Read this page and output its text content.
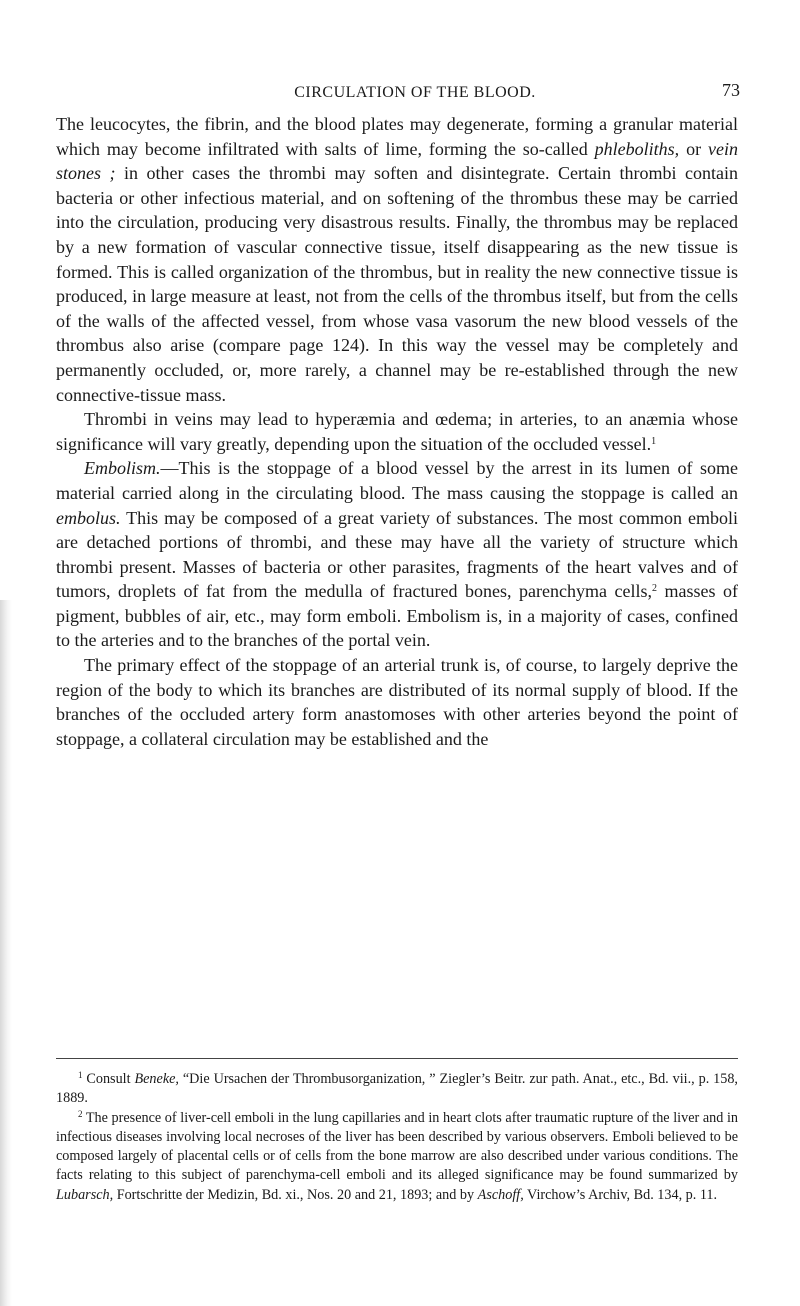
CIRCULATION OF THE BLOOD.	73

The leucocytes, the fibrin, and the blood plates may degenerate, forming a granular material which may become infiltrated with salts of lime, forming the so-called phleboliths, or vein stones ; in other cases the thrombi may soften and disintegrate. Certain thrombi contain bacteria or other infectious material, and on softening of the thrombus these may be carried into the circulation, producing very disastrous results. Finally, the thrombus may be replaced by a new formation of vascular connective tissue, itself disappearing as the new tissue is formed. This is called organization of the thrombus, but in reality the new connective tissue is produced, in large measure at least, not from the cells of the thrombus itself, but from the cells of the walls of the affected vessel, from whose vasa vasorum the new blood vessels of the thrombus also arise (compare page 124). In this way the vessel may be completely and permanently occluded, or, more rarely, a channel may be re-established through the new connective-tissue mass.

Thrombi in veins may lead to hyperæmia and œdema; in arteries, to an anæmia whose significance will vary greatly, depending upon the situation of the occluded vessel.$^1$

Embolism.—This is the stoppage of a blood vessel by the arrest in its lumen of some material carried along in the circulating blood. The mass causing the stoppage is called an embolus. This may be composed of a great variety of substances. The most common emboli are detached portions of thrombi, and these may have all the variety of structure which thrombi present. Masses of bacteria or other parasites, fragments of the heart valves and of tumors, droplets of fat from the medulla of fractured bones, parenchyma cells,$^2$ masses of pigment, bubbles of air, etc., may form emboli. Embolism is, in a majority of cases, confined to the arteries and to the branches of the portal vein.

The primary effect of the stoppage of an arterial trunk is, of course, to largely deprive the region of the body to which its branches are distributed of its normal supply of blood. If the branches of the occluded artery form anastomoses with other arteries beyond the point of stoppage, a collateral circulation may be established and the

$^1$ Consult Beneke, “Die Ursachen der Thrombusorganization, ” Ziegler’s Beitr. zur path. Anat., etc., Bd. vii., p. 158, 1889.

$^2$ The presence of liver-cell emboli in the lung capillaries and in heart clots after traumatic rupture of the liver and in infectious diseases involving local necroses of the liver has been described by various observers. Emboli believed to be composed largely of placental cells or of cells from the bone marrow are also described under various conditions. The facts relating to this subject of parenchyma-cell emboli and its alleged significance may be found summarized by Lubarsch, Fortschritte der Medizin, Bd. xi., Nos. 20 and 21, 1893; and by Aschoff, Virchow’s Archiv, Bd. 134, p. 11.
